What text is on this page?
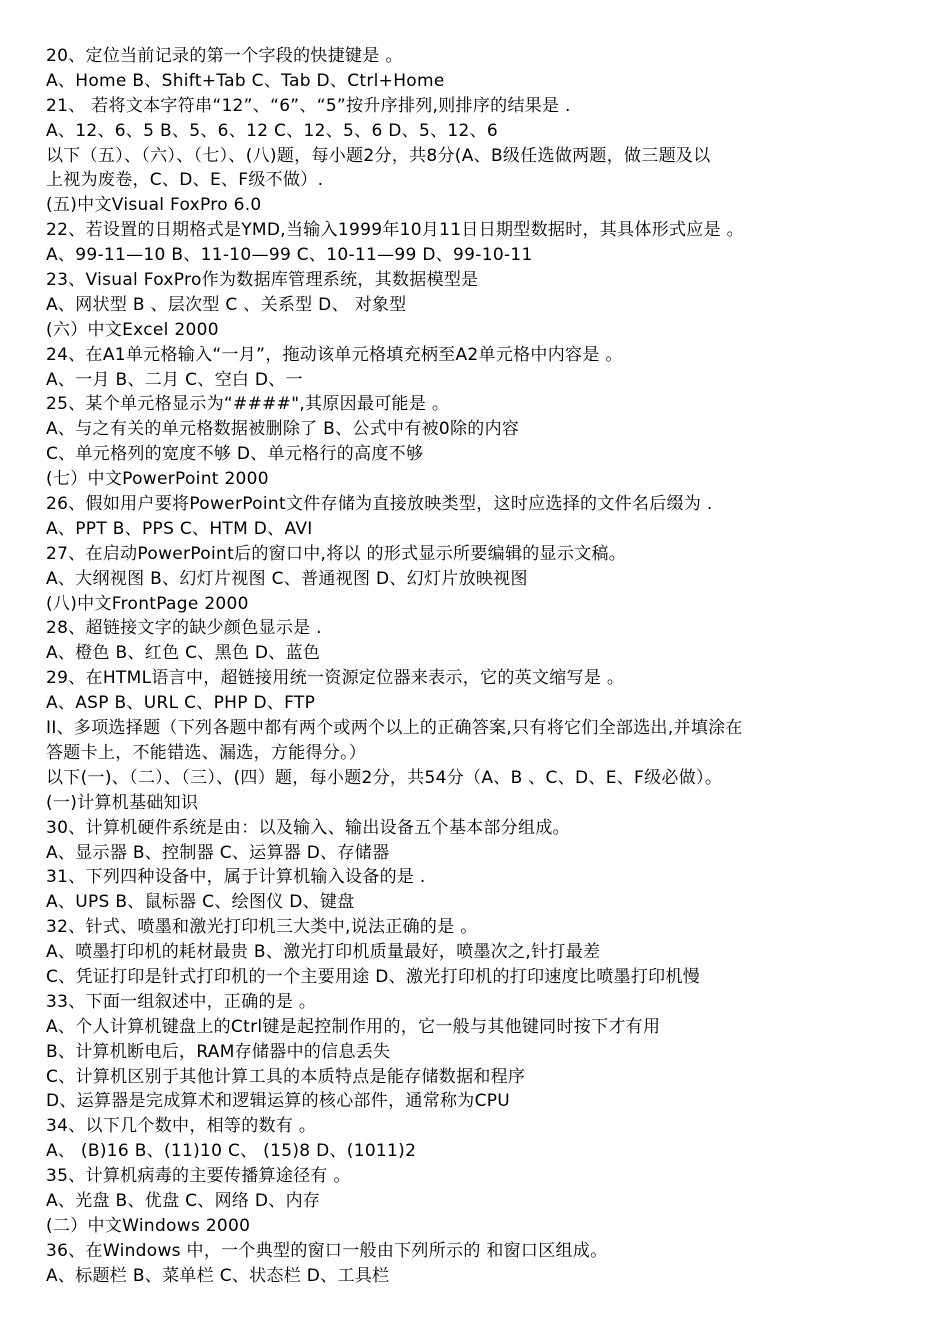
20、定位当前记录的第一个字段的快捷键是 。
A、Home B、Shift+Tab C、Tab D、Ctrl+Home
21、 若将文本字符串“12”、“6”、“5”按升序排列,则排序的结果是 .
A、12、6、5 B、5、6、12 C、12、5、6 D、5、12、6
以下（五）、（六）、（七）、(八)题，每小题2分，共8分(A、B级任选做两题，做三题及以
上视为废卷，C、D、E、F级不做）.
(五)中文Visual FoxPro 6.0
22、若设置的日期格式是YMD,当输入1999年10月11日日期型数据时，其具体形式应是 。
A、99-11—10 B、11-10—99 C、10-11—99 D、99-10-11
23、Visual FoxPro作为数据库管理系统，其数据模型是
A、网状型 B 、层次型 C 、关系型 D、 对象型
(六）中文Excel 2000
24、在A1单元格输入“一月”，拖动该单元格填充柄至A2单元格中内容是 。
A、一月 B、二月 C、空白 D、一
25、某个单元格显示为“####",其原因最可能是 。
A、与之有关的单元格数据被删除了 B、公式中有被0除的内容
C、单元格列的宽度不够 D、单元格行的高度不够
(七）中文PowerPoint 2000
26、假如用户要将PowerPoint文件存储为直接放映类型，这时应选择的文件名后缀为 .
A、PPT B、PPS C、HTM D、AVI
27、在启动PowerPoint后的窗口中,将以 的形式显示所要编辑的显示文稿。
A、大纲视图 B、幻灯片视图 C、普通视图 D、幻灯片放映视图
(八)中文FrontPage 2000
28、超链接文字的缺少颜色显示是 .
A、橙色 B、红色 C、黑色 D、蓝色
29、在HTML语言中，超链接用统一资源定位器来表示，它的英文缩写是 。
A、ASP B、URL C、PHP D、FTP
II、多项选择题（下列各题中都有两个或两个以上的正确答案,只有将它们全部选出,并填涂在
答题卡上，不能错选、漏选，方能得分。）
以下(一)、（二）、（三）、(四）题，每小题2分，共54分（A、B 、C、D、E、F级必做）。
(一)计算机基础知识
30、计算机硬件系统是由：以及输入、输出设备五个基本部分组成。
A、显示器 B、控制器 C、运算器 D、存储器
31、下列四种设备中，属于计算机输入设备的是 .
A、UPS B、鼠标器 C、绘图仪 D、键盘
32、针式、喷墨和激光打印机三大类中,说法正确的是 。
A、喷墨打印机的耗材最贵 B、激光打印机质量最好，喷墨次之,针打最差
C、凭证打印是针式打印机的一个主要用途 D、激光打印机的打印速度比喷墨打印机慢
33、下面一组叙述中，正确的是 。
A、个人计算机键盘上的Ctrl键是起控制作用的，它一般与其他键同时按下才有用
B、计算机断电后，RAM存储器中的信息丢失
C、计算机区别于其他计算工具的本质特点是能存储数据和程序
D、运算器是完成算术和逻辑运算的核心部件，通常称为CPU
34、以下几个数中，相等的数有 。
A、 (B)16 B、(11)10 C、 (15)8 D、(1011)2
35、计算机病毒的主要传播算途径有 。
A、光盘 B、优盘 C、网络 D、内存
(二）中文Windows 2000
36、在Windows 中，一个典型的窗口一般由下列所示的 和窗口区组成。
A、标题栏 B、菜单栏 C、状态栏 D、工具栏
